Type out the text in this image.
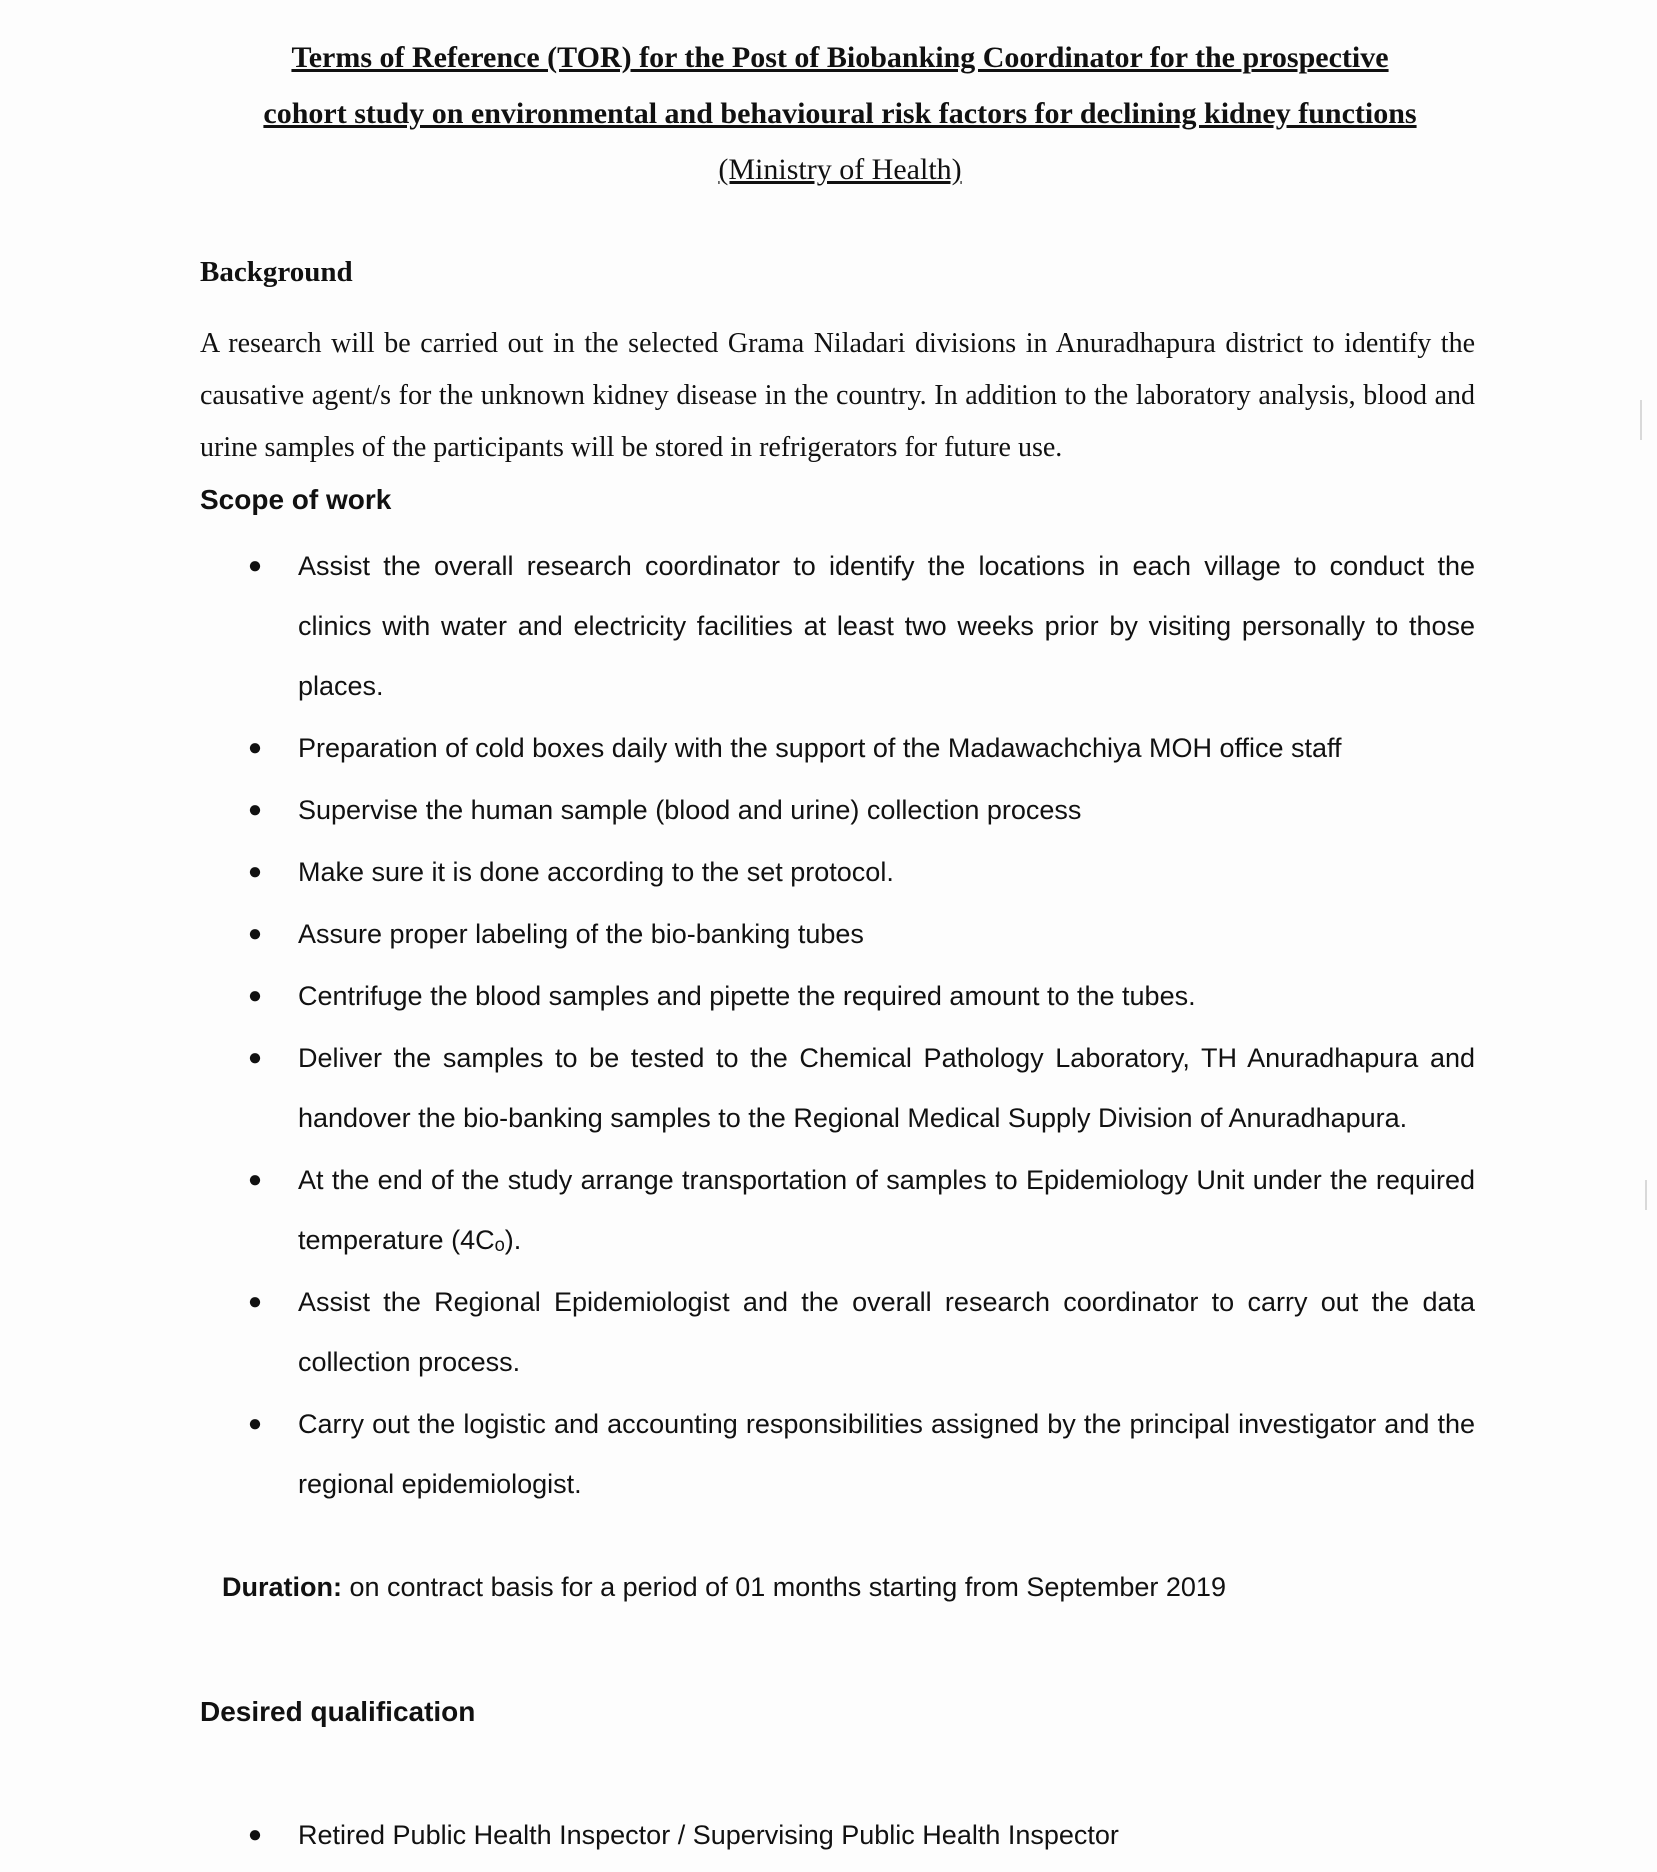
Terms of Reference (TOR) for the Post of Biobanking Coordinator for the prospective
cohort study on environmental and behavioural risk factors for declining kidney functions
(Ministry of Health)
Background

A research will be carried out in the selected Grama Niladari divisions in Anuradhapura district to identify the causative agent/s for the unknown kidney disease in the country. In addition to the laboratory analysis, blood and urine samples of the participants will be stored in refrigerators for future use.

Scope of work
● Assist the overall research coordinator to identify the locations in each village to conduct the clinics with water and electricity facilities at least two weeks prior by visiting personally to those places.
● Preparation of cold boxes daily with the support of the Madawachchiya MOH office staff
● Supervise the human sample (blood and urine) collection process
● Make sure it is done according to the set protocol.
● Assure proper labeling of the bio-banking tubes
● Centrifuge the blood samples and pipette the required amount to the tubes.
● Deliver the samples to be tested to the Chemical Pathology Laboratory, TH Anuradhapura and handover the bio-banking samples to the Regional Medical Supply Division of Anuradhapura.
● At the end of the study arrange transportation of samples to Epidemiology Unit under the required temperature (4Cₒ).
● Assist the Regional Epidemiologist and the overall research coordinator to carry out the data collection process.
● Carry out the logistic and accounting responsibilities assigned by the principal investigator and the regional epidemiologist.
Duration: on contract basis for a period of 01 months starting from September 2019
Desired qualification
● Retired Public Health Inspector / Supervising Public Health Inspector
